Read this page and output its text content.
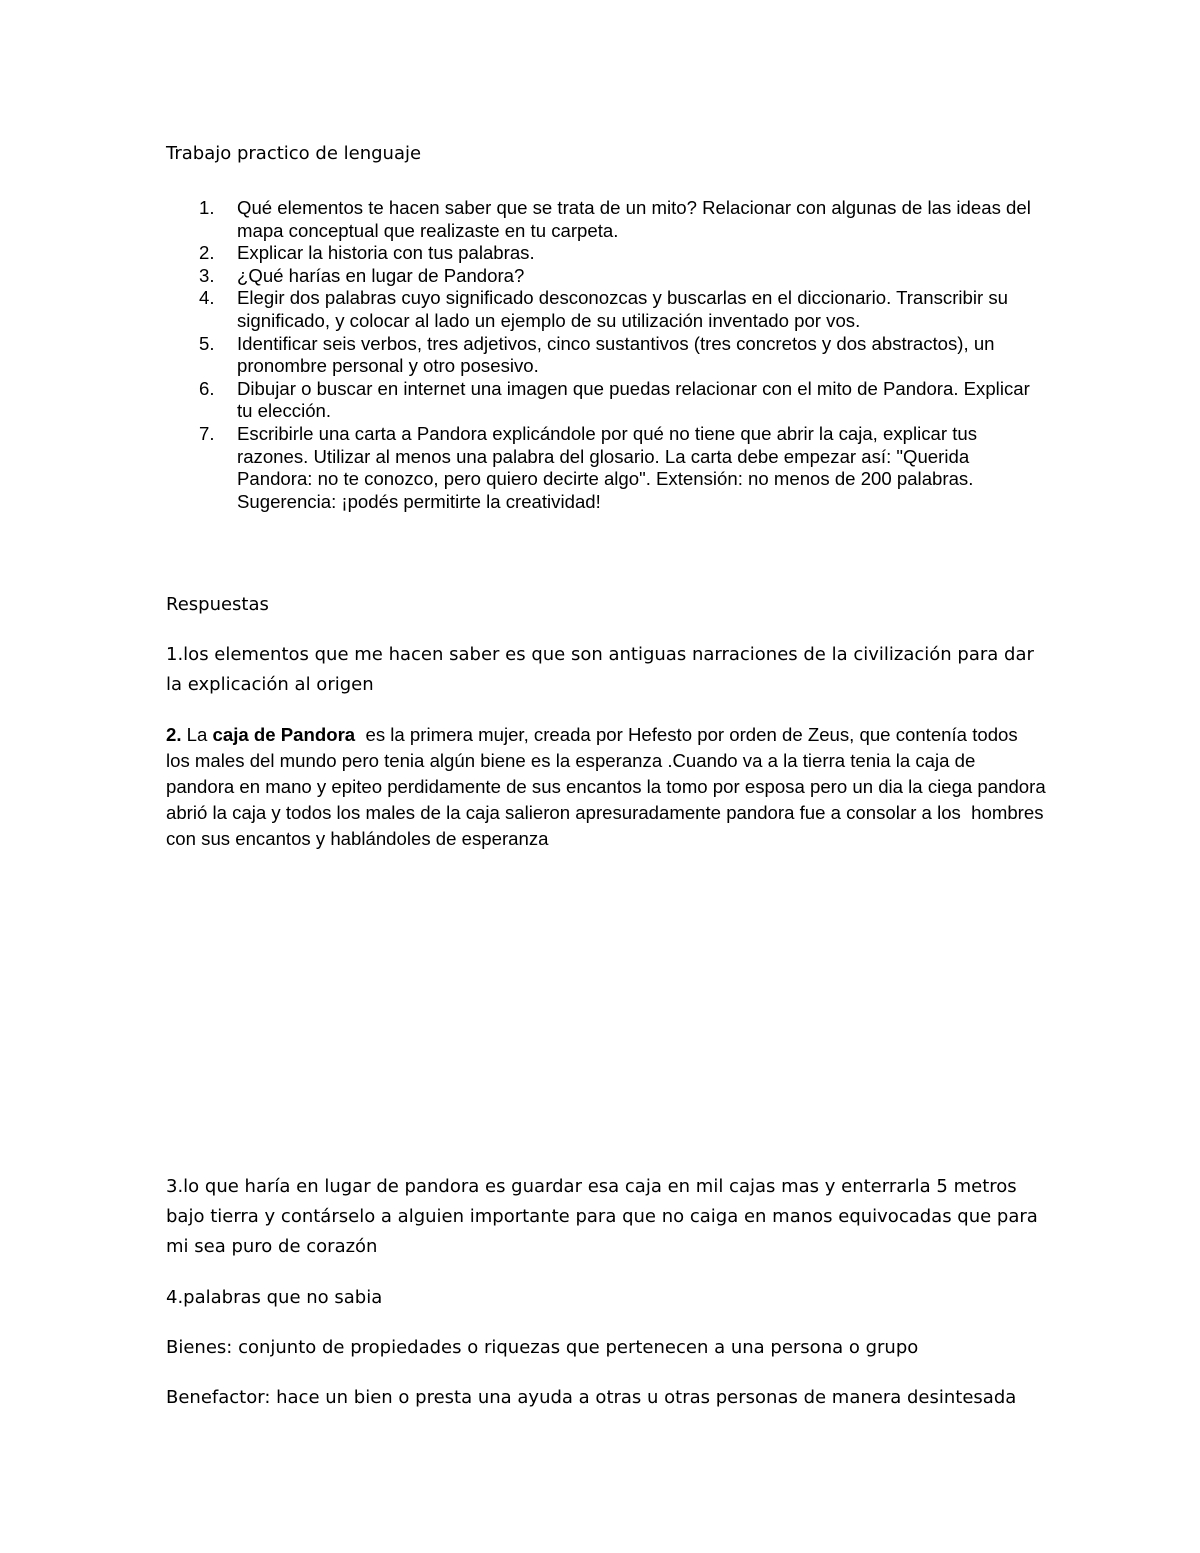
Trabajo practico de lenguaje
1. Qué elementos te hacen saber que se trata de un mito? Relacionar con algunas de las ideas del mapa conceptual que realizaste en tu carpeta.
2. Explicar la historia con tus palabras.
3. ¿Qué harías en lugar de Pandora?
4. Elegir dos palabras cuyo significado desconozcas y buscarlas en el diccionario. Transcribir su significado, y colocar al lado un ejemplo de su utilización inventado por vos.
5. Identificar seis verbos, tres adjetivos, cinco sustantivos (tres concretos y dos abstractos), un pronombre personal y otro posesivo.
6. Dibujar o buscar en internet una imagen que puedas relacionar con el mito de Pandora. Explicar tu elección.
7. Escribirle una carta a Pandora explicándole por qué no tiene que abrir la caja, explicar tus razones. Utilizar al menos una palabra del glosario. La carta debe empezar así: "Querida Pandora: no te conozco, pero quiero decirte algo". Extensión: no menos de 200 palabras. Sugerencia: ¡podés permitirte la creatividad!
Respuestas
1.los elementos que me hacen saber es que son antiguas narraciones de la civilización para dar la explicación al origen
2. La caja de Pandora  es la primera mujer, creada por Hefesto por orden de Zeus, que contenía todos los males del mundo pero tenia algún biene es la esperanza .Cuando va a la tierra tenia la caja de pandora en mano y epiteo perdidamente de sus encantos la tomo por esposa pero un dia la ciega pandora abrió la caja y todos los males de la caja salieron apresuradamente pandora fue a consolar a los  hombres con sus encantos y hablándoles de esperanza
3.lo que haría en lugar de pandora es guardar esa caja en mil cajas mas y enterrarla 5 metros bajo tierra y contárselo a alguien importante para que no caiga en manos equivocadas que para mi sea puro de corazón
4.palabras que no sabia
Bienes: conjunto de propiedades o riquezas que pertenecen a una persona o grupo
Benefactor: hace un bien o presta una ayuda a otras u otras personas de manera desintesada
